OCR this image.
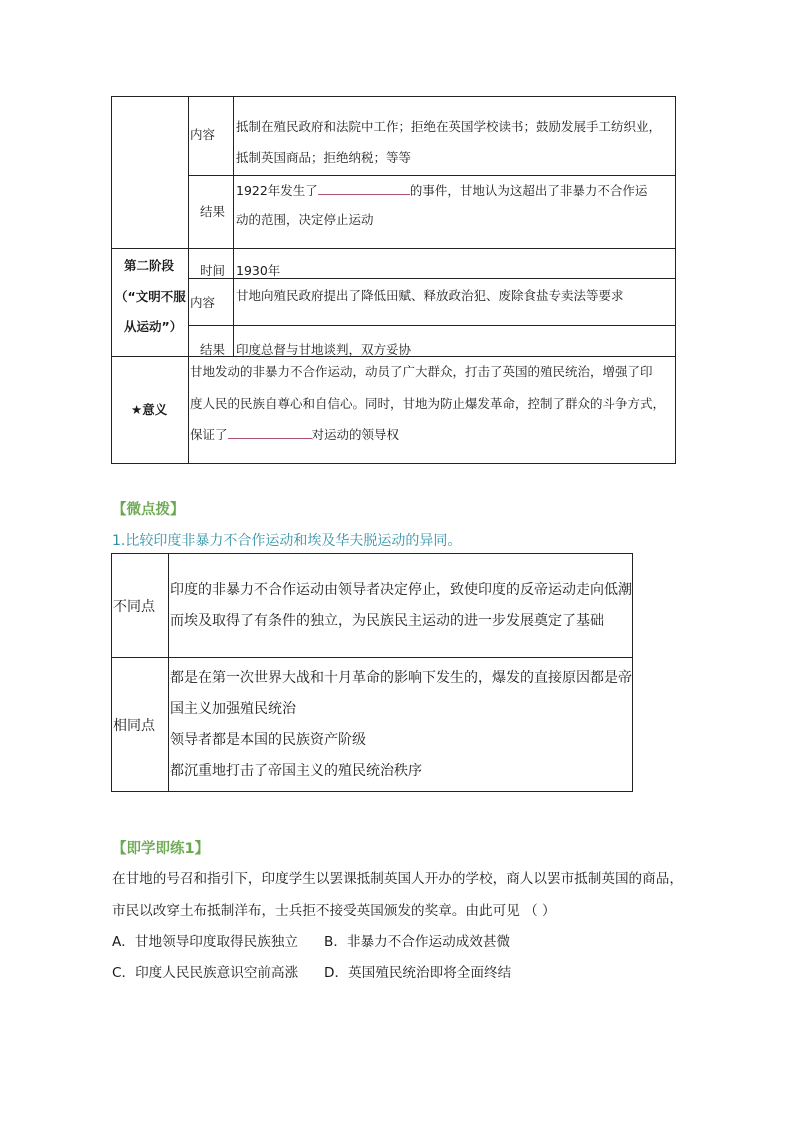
内容
抵制在殖民政府和法院中工作；拒绝在英国学校读书；鼓励发展手工纺织业，
抵制英国商品；拒绝纳税；等等
结果
1922年发生了	的事件，甘地认为这超出了非暴力不合作运
动的范围，决定停止运动
第二阶段
（“文明不服
从运动”）
时间 1930年
内容 甘地向殖民政府提出了降低田赋、释放政治犯、废除食盐专卖法等要求
结果 印度总督与甘地谈判，双方妥协
★意义
甘地发动的非暴力不合作运动，动员了广大群众，打击了英国的殖民统治，增强了印
度人民的民族自尊心和自信心。同时，甘地为防止爆发革命，控制了群众的斗争方式，
保证了	对运动的领导权
【微点拨】
1.比较印度非暴力不合作运动和埃及华夫脱运动的异同。
不同点
印度的非暴力不合作运动由领导者决定停止，致使印度的反帝运动走向低潮
而埃及取得了有条件的独立，为民族民主运动的进一步发展奠定了基础
相同点
都是在第一次世界大战和十月革命的影响下发生的，爆发的直接原因都是帝
国主义加强殖民统治
领导者都是本国的民族资产阶级
都沉重地打击了帝国主义的殖民统治秩序
【即学即练1】
在甘地的号召和指引下，印度学生以罢课抵制英国人开办的学校，商人以罢市抵制英国的商品，
市民以改穿土布抵制洋布，士兵拒不接受英国颁发的奖章。由此可见 （ ）
A．甘地领导印度取得民族独立 B．非暴力不合作运动成效甚微
C．印度人民民族意识空前高涨 D．英国殖民统治即将全面终结
